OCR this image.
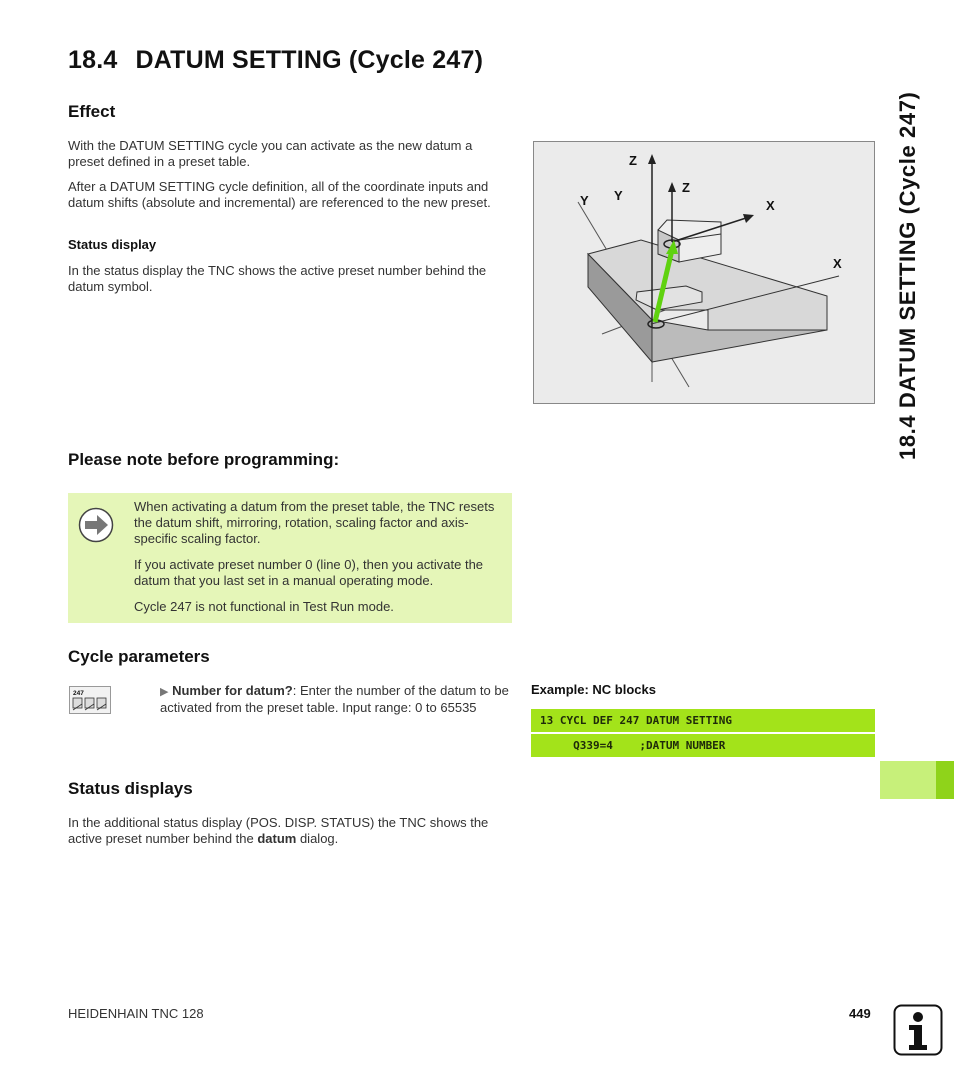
18.4 DATUM SETTING (Cycle 247)
Effect

With the DATUM SETTING cycle you can activate as the new datum a preset defined in a preset table.

After a DATUM SETTING cycle definition, all of the coordinate inputs and datum shifts (absolute and incremental) are referenced to the new preset.

Status display

In the status display the TNC shows the active preset number behind the datum symbol.

Z
Y Y
Z
X
X
Please note before programming:

When activating a datum from the preset table, the TNC resets the datum shift, mirroring, rotation, scaling factor and axis-specific scaling factor.

If you activate preset number 0 (line 0), then you activate the datum that you last set in a manual operating mode.

Cycle 247 is not functional in Test Run mode.

Cycle parameters
247	▶ Number for datum?: Enter the number of the datum to be activated from the preset table. Input range: 0 to 65535
Example: NC blocks
13 CYCL DEF 247 DATUM SETTING
Q339=4    ;DATUM NUMBER
Status displays

In the additional status display (POS. DISP. STATUS) the TNC shows the active preset number behind the datum dialog.

18.4 DATUM SETTING (Cycle 247)
HEIDENHAIN TNC 128	449
